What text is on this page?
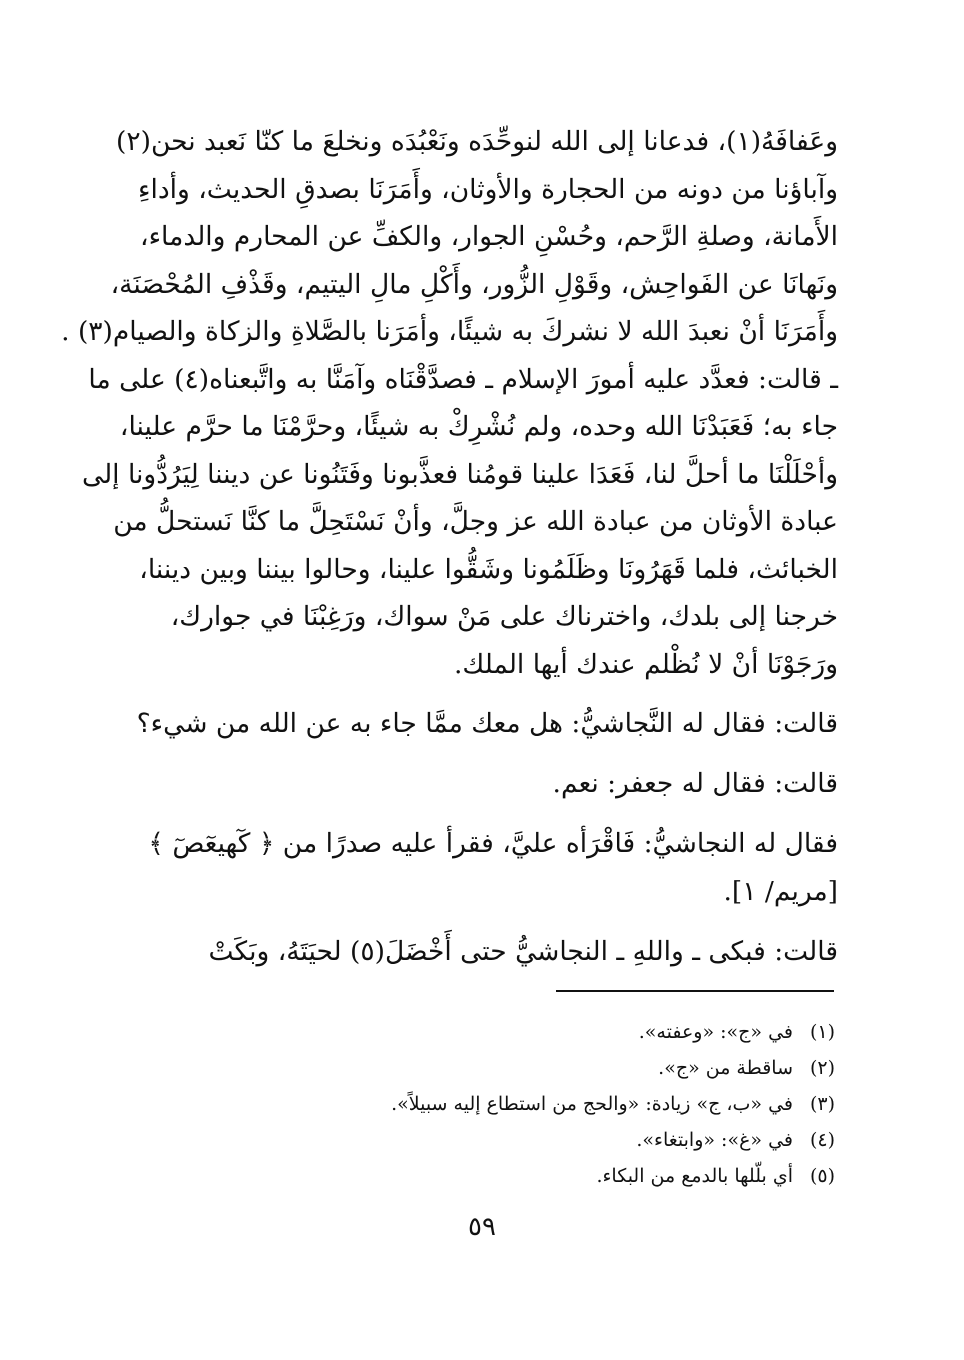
وعَفافَهُ(١)، فدعانا إلى الله لنوحِّدَه ونَعْبُدَه ونخلعَ ما كنّا نَعبد نحن(٢)
وآباؤنا من دونه من الحجارة والأوثان، وأَمَرَنَا بصدقِ الحديث، وأداءِ
الأَمانة، وصلةِ الرَّحم، وحُسْنِ الجوار، والكفِّ عن المحارم والدماء،
ونَهانَا عن الفَواحِش، وقَوْلِ الزُّور، وأَكْلِ مالِ اليتيم، وقَذْفِ المُحْصَنَة،
وأَمَرَنَا أنْ نعبدَ الله لا نشركَ به شيئًا، وأمَرَنا بالصَّلاةِ والزكاة والصيام(٣) .
ـ قالت: فعدَّد عليه أمورَ الإسلام ـ فصدَّقْنَاه وآمَنَّا به واتَّبعناه(٤) على ما
جاء به؛ فَعَبَدْنَا الله وحده، ولم نُشْرِكْ به شيئًا، وحرَّمْنَا ما حرَّم علينا،
وأحْلَلْنَا ما أحلَّ لنا، فَعَدَا علينا قومُنا فعذَّبونا وفَتَنُونا عن ديننا لِيَرُدُّونا إلى
عبادة الأوثان من عبادة الله عز وجلَّ، وأنْ نَسْتَحِلَّ ما كنَّا نَستحلُّ من
الخبائث، فلما قَهَرُونَا وظَلَمُونا وشَقُّوا علينا، وحالوا بيننا وبين ديننا،
خرجنا إلى بلدك، واخترناك على مَنْ سواك، ورَغِبْنَا في جوارك،
ورَجَوْنَا أنْ لا نُظْلم عندك أيها الملك.

قالت: فقال له النَّجاشيُّ: هل معك ممَّا جاء به عن الله من شيء؟
قالت: فقال له جعفر: نعم.
فقال له النجاشيُّ: فَاقْرَأه عليَّ، فقرأ عليه صدرًا من ﴿ كٓهيعٓصٓ ﴾
[مريم/ ١].
قالت: فبكى ـ واللهِ ـ النجاشيُّ حتى أَخْضَلَ(٥) لحيَتَهُ، وبَكَتْ
(١)في «ج»: «وعفته».
(٢)ساقطة من «ج».
(٣)في «ب، ج» زيادة: «والحج من استطاع إليه سبيلاً».
(٤)في «غ»: «وابتغاء».
(٥)أي بلّلها بالدمع من البكاء.
٥٩
